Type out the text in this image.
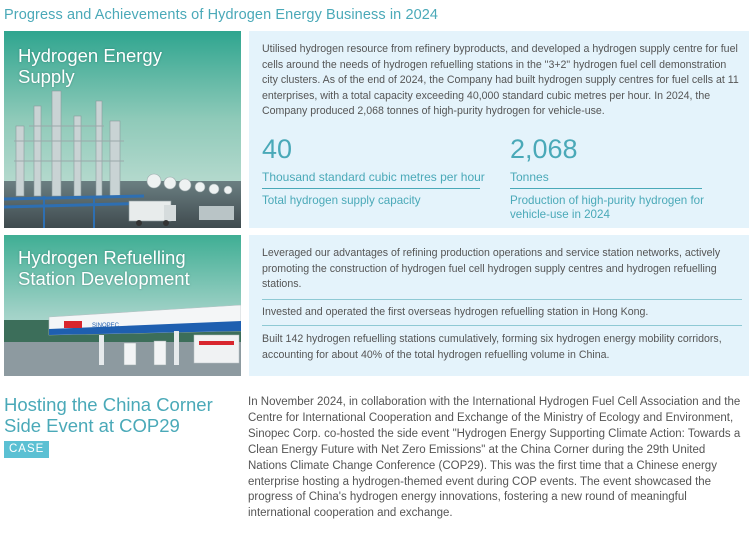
Progress and Achievements of Hydrogen Energy Business in 2024
Hydrogen Energy Supply
Utilised hydrogen resource from refinery byproducts, and developed a hydrogen supply centre for fuel cells around the needs of hydrogen refuelling stations in the "3+2" hydrogen fuel cell demonstration city clusters. As of the end of 2024, the Company had built hydrogen supply centres for fuel cells at 11 enterprises, with a total capacity exceeding 40,000 standard cubic metres per hour. In 2024, the Company produced 2,068 tonnes of high-purity hydrogen for vehicle-use.
40
Thousand standard cubic metres per hour
Total hydrogen supply capacity
2,068
Tonnes
Production of high-purity hydrogen for vehicle-use in 2024
SINOPEC
Hydrogen Refuelling Station Development
Leveraged our advantages of refining production operations and service station networks, actively promoting the construction of hydrogen fuel cell hydrogen supply centres and hydrogen refuelling stations.
Invested and operated the first overseas hydrogen refuelling station in Hong Kong.
Built 142 hydrogen refuelling stations cumulatively, forming six hydrogen energy mobility corridors, accounting for about 40% of the total hydrogen refuelling volume in China.
Hosting the China Corner Side Event at COP29
CASE
In November 2024, in collaboration with the International Hydrogen Fuel Cell Association and the Centre for International Cooperation and Exchange of the Ministry of Ecology and Environment, Sinopec Corp. co-hosted the side event "Hydrogen Energy Supporting Climate Action: Towards a Clean Energy Future with Net Zero Emissions" at the China Corner during the 29th United Nations Climate Change Conference (COP29). This was the first time that a Chinese energy enterprise hosting a hydrogen-themed event during COP events. The event showcased the progress of China's hydrogen energy innovations, fostering a new round of meaningful international cooperation and exchange.
